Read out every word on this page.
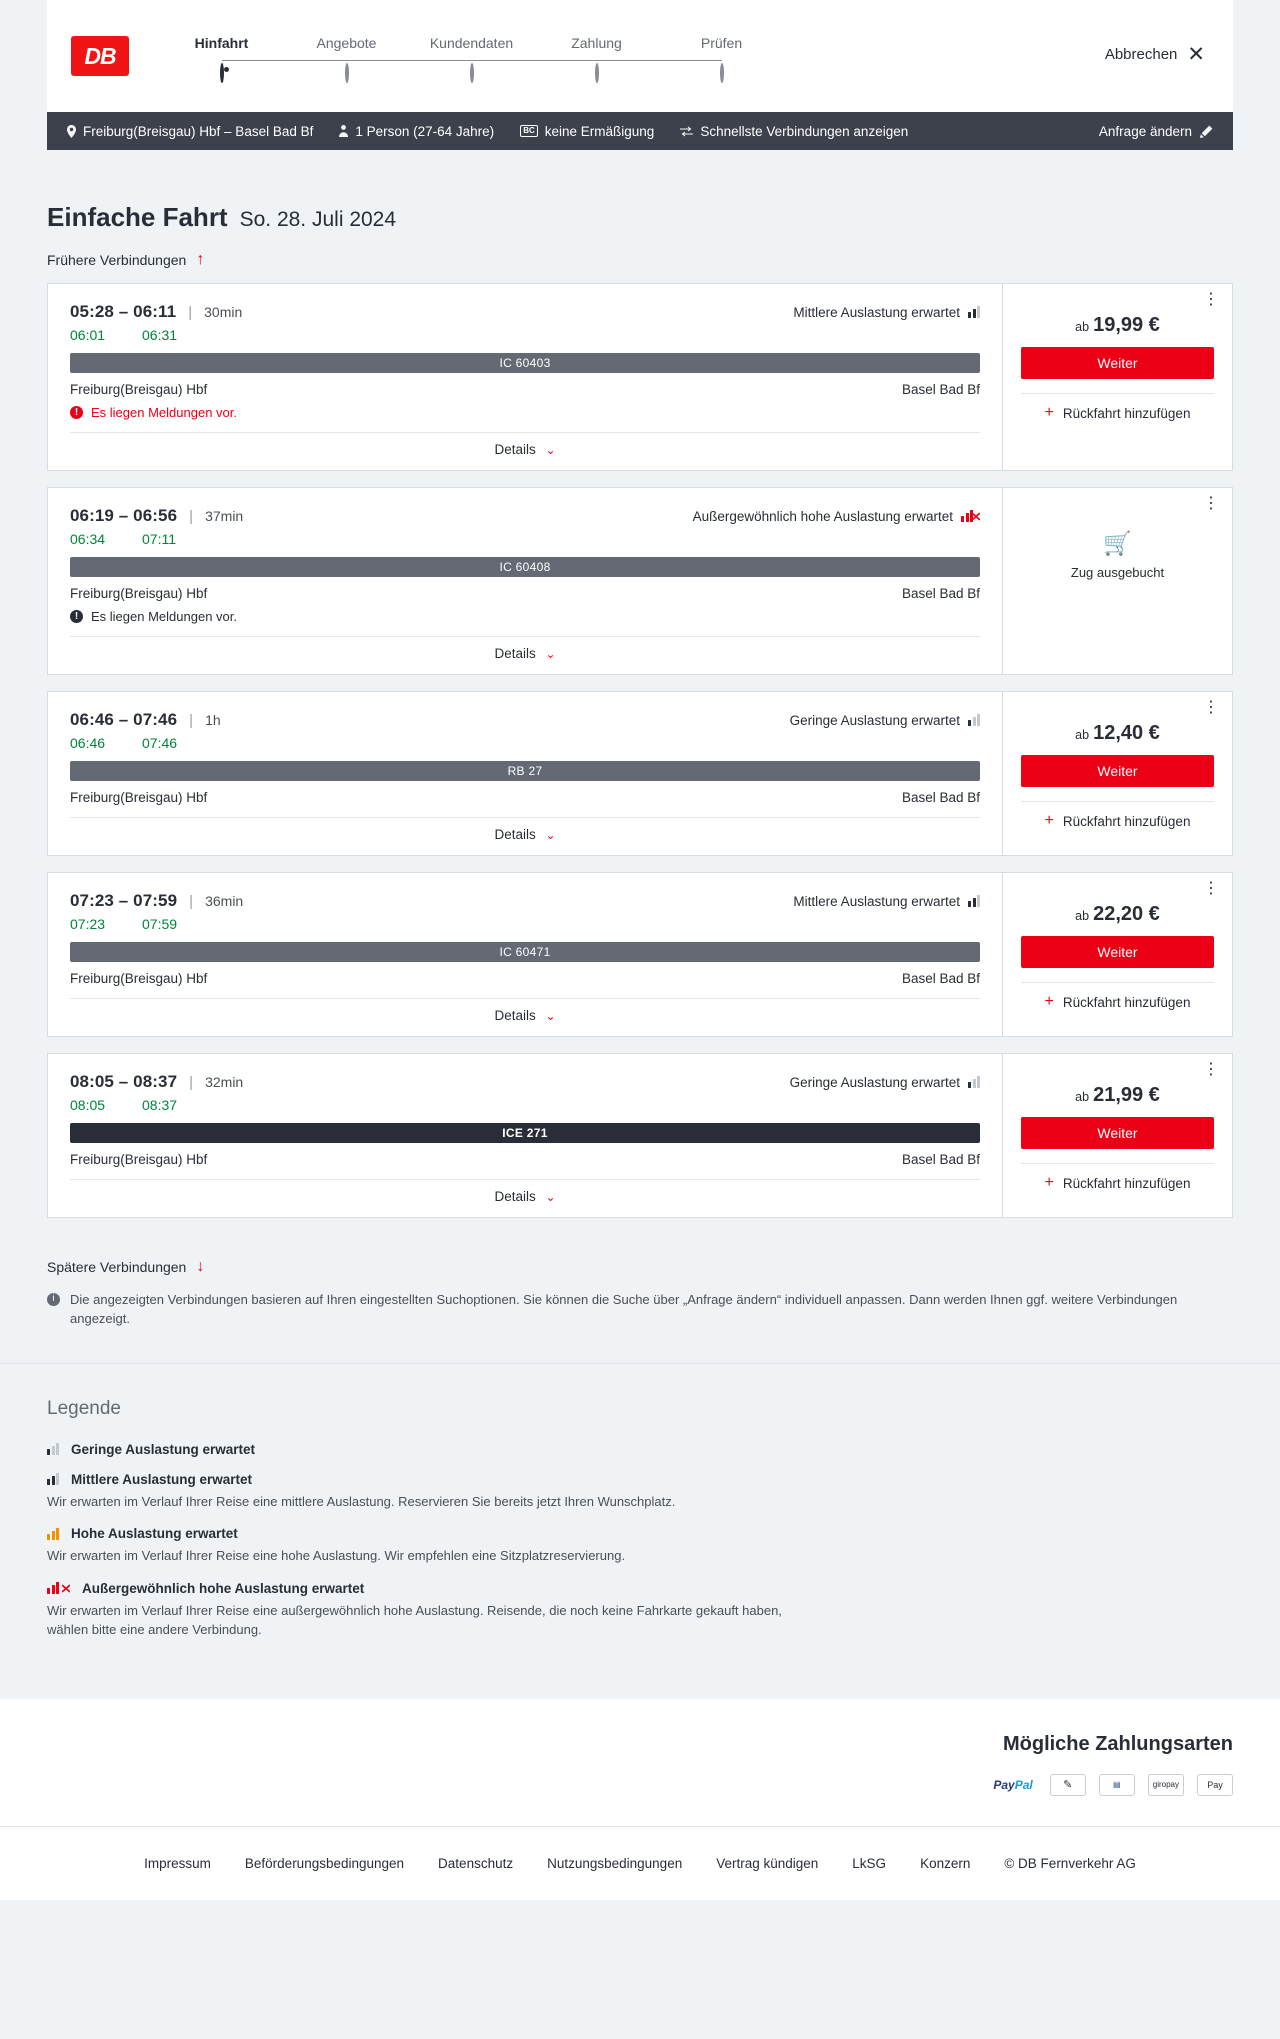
DB	Hinfahrt	Angebote	Kundendaten	Zahlung	Prüfen
Abbrechen ✕
Freiburg(Breisgau) Hbf – Basel Bad Bf	1 Person (27-64 Jahre)	BC keine Ermäßigung	Schnellste Verbindungen anzeigen	Anfrage ändern
Einfache Fahrt So. 28. Juli 2024
Frühere Verbindungen ↑
05:28 – 06:11 | 30min	Mittlere Auslastung erwartet
06:01	06:31
IC 60403
Freiburg(Breisgau) Hbf	Basel Bad Bf
! Es liegen Meldungen vor.
Details ⌄
⋮
ab 19,99 €
Weiter
+ Rückfahrt hinzufügen
06:19 – 06:56 | 37min	Außergewöhnlich hohe Auslastung erwartet
06:34	07:11
IC 60408
Freiburg(Breisgau) Hbf	Basel Bad Bf
! Es liegen Meldungen vor.
Details ⌄
⋮
🛒
Zug ausgebucht
06:46 – 07:46 | 1h	Geringe Auslastung erwartet
06:46	07:46
RB 27
Freiburg(Breisgau) Hbf	Basel Bad Bf
Details ⌄
⋮
ab 12,40 €
Weiter
+ Rückfahrt hinzufügen
07:23 – 07:59 | 36min	Mittlere Auslastung erwartet
07:23	07:59
IC 60471
Freiburg(Breisgau) Hbf	Basel Bad Bf
Details ⌄
⋮
ab 22,20 €
Weiter
+ Rückfahrt hinzufügen
08:05 – 08:37 | 32min	Geringe Auslastung erwartet
08:05	08:37
ICE 271
Freiburg(Breisgau) Hbf	Basel Bad Bf
Details ⌄
⋮
ab 21,99 €
Weiter
+ Rückfahrt hinzufügen
Spätere Verbindungen ↓
i	Die angezeigten Verbindungen basieren auf Ihren eingestellten Suchoptionen. Sie können die Suche über „Anfrage ändern“ individuell anpassen. Dann werden Ihnen ggf. weitere Verbindungen angezeigt.
Legende
Geringe Auslastung erwartet
Mittlere Auslastung erwartet
Wir erwarten im Verlauf Ihrer Reise eine mittlere Auslastung. Reservieren Sie bereits jetzt Ihren Wunschplatz.
Hohe Auslastung erwartet
Wir erwarten im Verlauf Ihrer Reise eine hohe Auslastung. Wir empfehlen eine Sitzplatzreservierung.
Außergewöhnlich hohe Auslastung erwartet
Wir erwarten im Verlauf Ihrer Reise eine außergewöhnlich hohe Auslastung. Reisende, die noch keine Fahrkarte gekauft haben, wählen bitte eine andere Verbindung.
Mögliche Zahlungsarten
PayPal	✎	▤	giropay	Pay
Impressum	Beförderungsbedingungen	Datenschutz	Nutzungsbedingungen	Vertrag kündigen	LkSG	Konzern	© DB Fernverkehr AG
